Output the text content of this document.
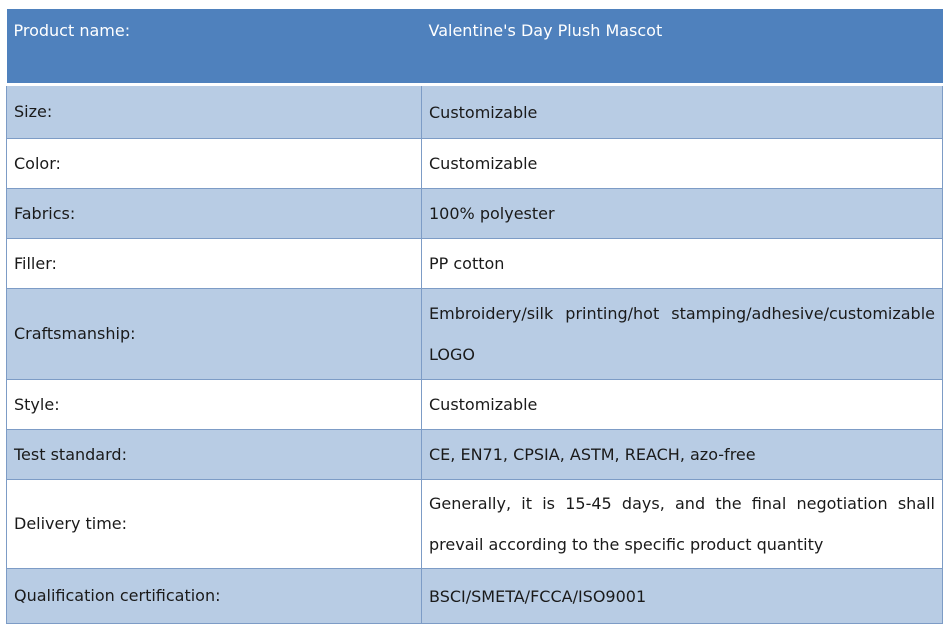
Product name:	Valentine's Day Plush Mascot
Size:	Customizable
Color:	Customizable
Fabrics:	100% polyester
Filler:	PP cotton
Craftsmanship:	Embroidery/silk printing/hot stamping/adhesive/customizable LOGO
Style:	Customizable
Test standard:	CE, EN71, CPSIA, ASTM, REACH, azo-free
Delivery time:	Generally, it is 15-45 days, and the final negotiation shall prevail according to the specific product quantity
Qualification certification:	BSCI/SMETA/FCCA/ISO9001
